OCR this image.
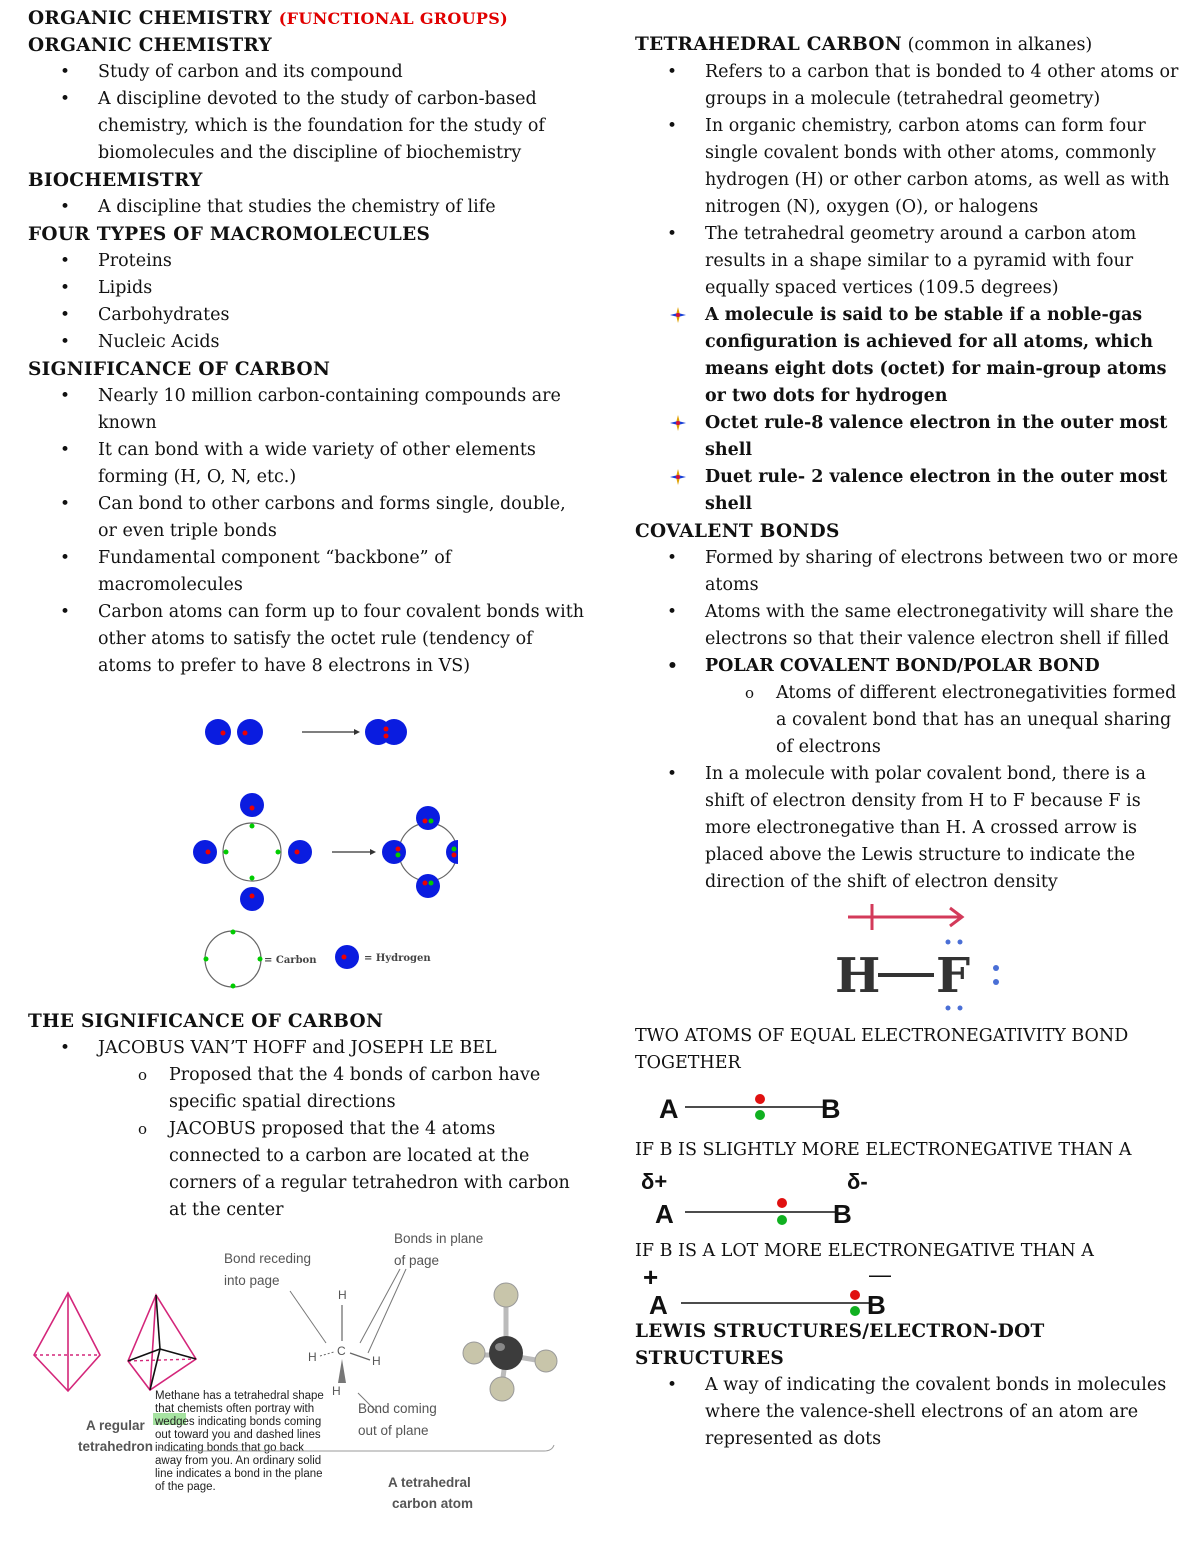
ORGANIC CHEMISTRY (FUNCTIONAL GROUPS)
ORGANIC CHEMISTRY
• Study of carbon and its compound
• A discipline devoted to the study of carbon-based chemistry, which is the foundation for the study of biomolecules and the discipline of biochemistry
BIOCHEMISTRY
• A discipline that studies the chemistry of life
FOUR TYPES OF MACROMOLECULES
• Proteins
• Lipids
• Carbohydrates
• Nucleic Acids
SIGNIFICANCE OF CARBON
• Nearly 10 million carbon-containing compounds are known
• It can bond with a wide variety of other elements forming (H, O, N, etc.)
• Can bond to other carbons and forms single, double, or even triple bonds
• Fundamental component “backbone” of macromolecules
• Carbon atoms can form up to four covalent bonds with other atoms to satisfy the octet rule (tendency of atoms to prefer to have 8 electrons in VS)
= Carbon	= Hydrogen
THE SIGNIFICANCE OF CARBON
• JACOBUS VAN’T HOFF and JOSEPH LE BEL
o Proposed that the 4 bonds of carbon have specific spatial directions
o JACOBUS proposed that the 4 atoms connected to a carbon are located at the corners of a regular tetrahedron with carbon at the center
A regular
tetrahedron
Bond receding
into page
Bonds in plane
of page
H
C
H	H
H
Bond coming
out of plane
Methane has a tetrahedral shape
that chemists often portray with
wedges indicating bonds coming
out toward you and dashed lines
indicating bonds that go back
away from you. An ordinary solid
line indicates a bond in the plane
of the page.	A tetrahedral
carbon atom
TETRAHEDRAL CARBON (common in alkanes)
• Refers to a carbon that is bonded to 4 other atoms or groups in a molecule (tetrahedral geometry)
• In organic chemistry, carbon atoms can form four single covalent bonds with other atoms, commonly hydrogen (H) or other carbon atoms, as well as with nitrogen (N), oxygen (O), or halogens
• The tetrahedral geometry around a carbon atom results in a shape similar to a pyramid with four equally spaced vertices (109.5 degrees)
A molecule is said to be stable if a noble-gas configuration is achieved for all atoms, which means eight dots (octet) for main-group atoms or two dots for hydrogen
Octet rule-8 valence electron in the outer most shell
Duet rule- 2 valence electron in the outer most shell
COVALENT BONDS
• Formed by sharing of electrons between two or more atoms
• Atoms with the same electronegativity will share the electrons so that their valence electron shell if filled
• POLAR COVALENT BOND/POLAR BOND
o Atoms of different electronegativities formed a covalent bond that has an unequal sharing of electrons
• In a molecule with polar covalent bond, there is a shift of electron density from H to F because F is more electronegative than H. A crossed arrow is placed above the Lewis structure to indicate the direction of the shift of electron density
H F
TWO ATOMS OF EQUAL ELECTRONEGATIVITY BOND TOGETHER
A	B
IF B IS SLIGHTLY MORE ELECTRONEGATIVE THAN A
δ+	δ-
A	B
IF B IS A LOT MORE ELECTRONEGATIVE THAN A
+	—
A	B
LEWIS STRUCTURES/ELECTRON-DOT STRUCTURES
• A way of indicating the covalent bonds in molecules where the valence-shell electrons of an atom are represented as dots
